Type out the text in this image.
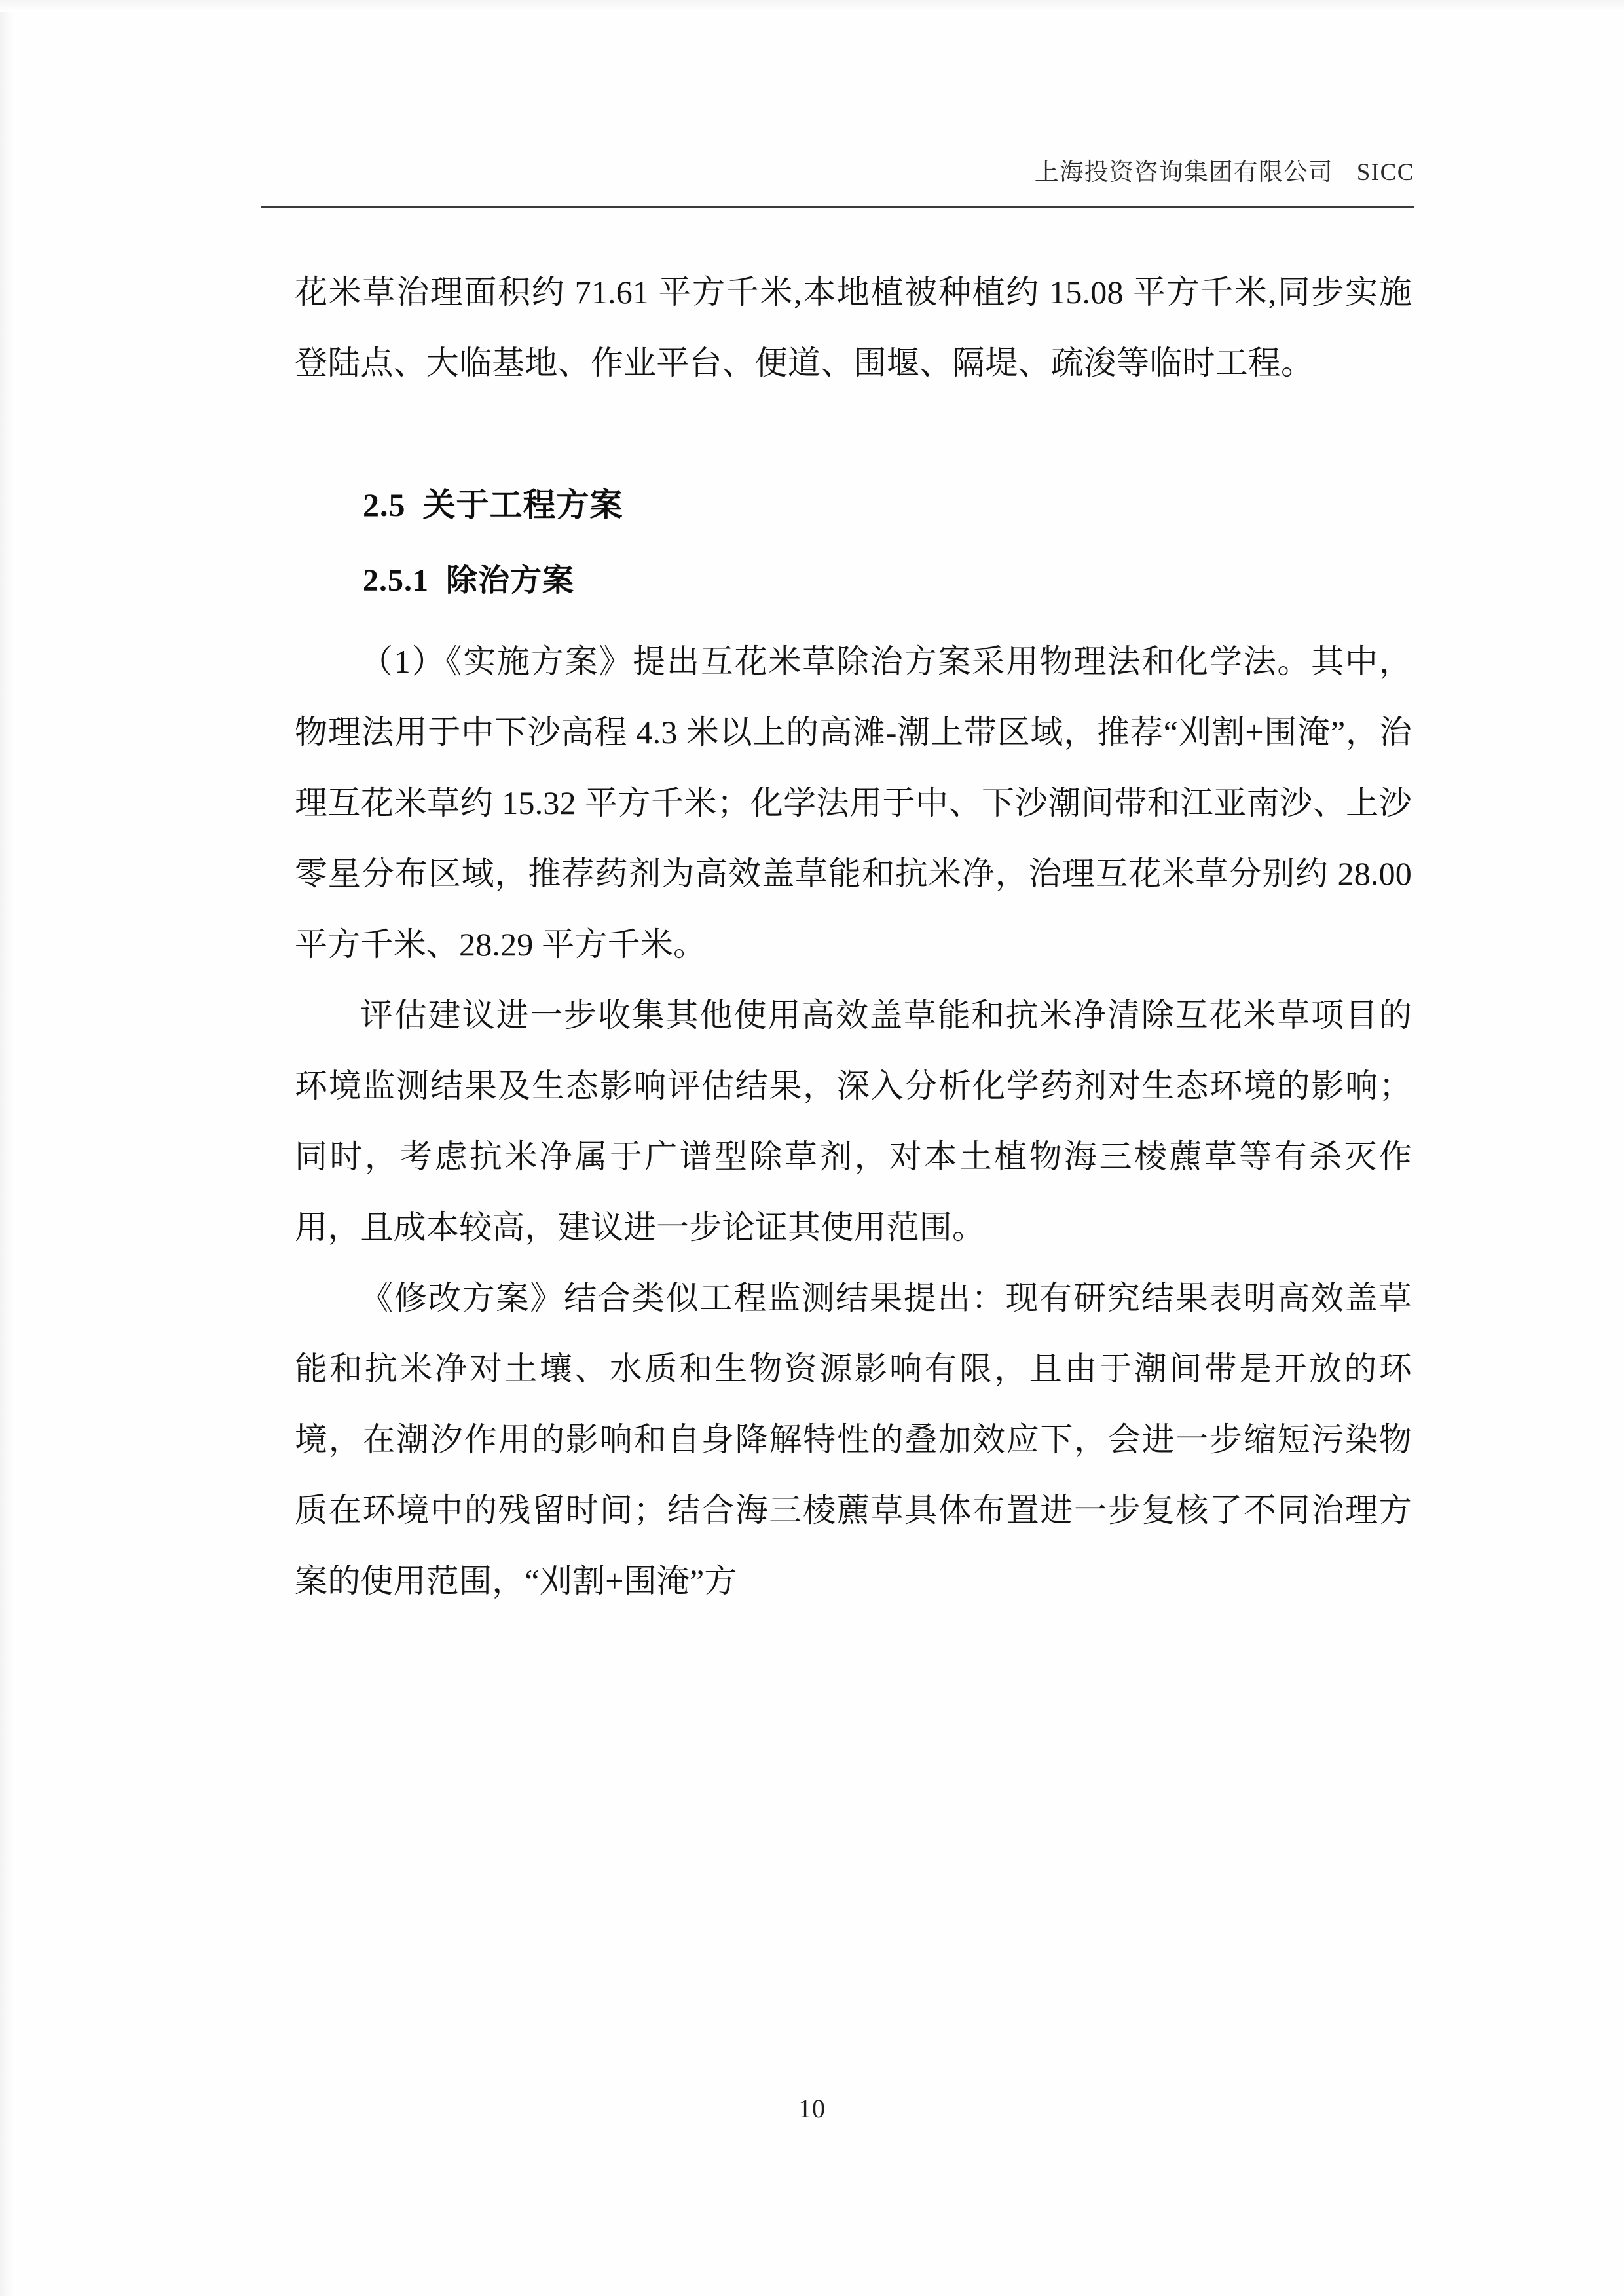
上海投资咨询集团有限公司 SICC

花米草治理面积约 71.61 平方千米,本地植被种植约 15.08 平方千米,同步实施登陆点、大临基地、作业平台、便道、围堰、隔堤、疏浚等临时工程。

2.5 关于工程方案
2.5.1 除治方案

（1）《实施方案》提出互花米草除治方案采用物理法和化学法。其中，物理法用于中下沙高程 4.3 米以上的高滩-潮上带区域，推荐“刈割+围淹”，治理互花米草约 15.32 平方千米；化学法用于中、下沙潮间带和江亚南沙、上沙零星分布区域，推荐药剂为高效盖草能和抗米净，治理互花米草分别约 28.00 平方千米、28.29 平方千米。

评估建议进一步收集其他使用高效盖草能和抗米净清除互花米草项目的环境监测结果及生态影响评估结果，深入分析化学药剂对生态环境的影响；同时，考虑抗米净属于广谱型除草剂，对本土植物海三棱藨草等有杀灭作用，且成本较高，建议进一步论证其使用范围。

《修改方案》结合类似工程监测结果提出：现有研究结果表明高效盖草能和抗米净对土壤、水质和生物资源影响有限，且由于潮间带是开放的环境，在潮汐作用的影响和自身降解特性的叠加效应下，会进一步缩短污染物质在环境中的残留时间；结合海三棱藨草具体布置进一步复核了不同治理方案的使用范围，“刈割+围淹”方

10
